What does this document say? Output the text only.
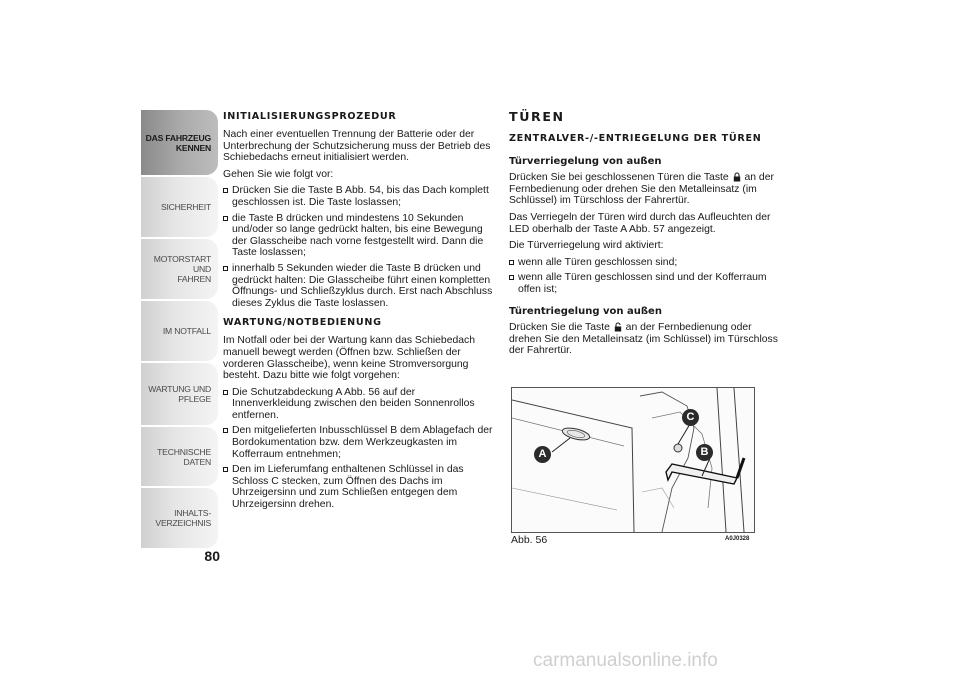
DAS FAHRZEUG
KENNEN
SICHERHEIT
MOTORSTART UND
FAHREN
IM NOTFALL
WARTUNG UND
PFLEGE
TECHNISCHE DATEN
INHALTS-
VERZEICHNIS
80
INITIALISIERUNGSPROZEDUR

Nach einer eventuellen Trennung der Batterie oder der Unterbrechung der Schutzsicherung muss der Betrieb des Schiebedachs erneut initialisiert werden.

Gehen Sie wie folgt vor:

Drücken Sie die Taste B Abb. 54, bis das Dach komplett geschlossen ist. Die Taste loslassen;
die Taste B drücken und mindestens 10 Sekunden und/oder so lange gedrückt halten, bis eine Bewegung der Glasscheibe nach vorne festgestellt wird. Dann die Taste loslassen;
innerhalb 5 Sekunden wieder die Taste B drücken und gedrückt halten: Die Glasscheibe führt einen kompletten Öffnungs- und Schließzyklus durch. Erst nach Abschluss dieses Zyklus die Taste loslassen.
WARTUNG/NOTBEDIENUNG

Im Notfall oder bei der Wartung kann das Schiebedach manuell bewegt werden (Öffnen bzw. Schließen der vorderen Glasscheibe), wenn keine Stromversorgung besteht. Dazu bitte wie folgt vorgehen:

Die Schutzabdeckung A Abb. 56 auf der Innenverkleidung zwischen den beiden Sonnenrollos entfernen.
Den mitgelieferten Inbusschlüssel B dem Ablagefach der Bordokumentation bzw. dem Werkzeugkasten im Kofferraum entnehmen;
Den im Lieferumfang enthaltenen Schlüssel in das Schloss C stecken, zum Öffnen des Dachs im Uhrzeigersinn und zum Schließen entgegen dem Uhrzeigersinn drehen.
TÜREN
ZENTRALVER-/-ENTRIEGELUNG DER TÜREN
Türverriegelung von außen

Drücken Sie bei geschlossenen Türen die Taste an der Fernbedienung oder drehen Sie den Metalleinsatz (im Schlüssel) im Türschloss der Fahrertür.

Das Verriegeln der Türen wird durch das Aufleuchten der LED oberhalb der Taste A Abb. 57 angezeigt.

Die Türverriegelung wird aktiviert:

wenn alle Türen geschlossen sind;
wenn alle Türen geschlossen sind und der Kofferraum offen ist;
Türentriegelung von außen

Drücken Sie die Taste an der Fernbedienung oder drehen Sie den Metalleinsatz (im Schlüssel) im Türschloss der Fahrertür.

A	B
C
Abb. 56	A0J0328
carmanualsonline.info
